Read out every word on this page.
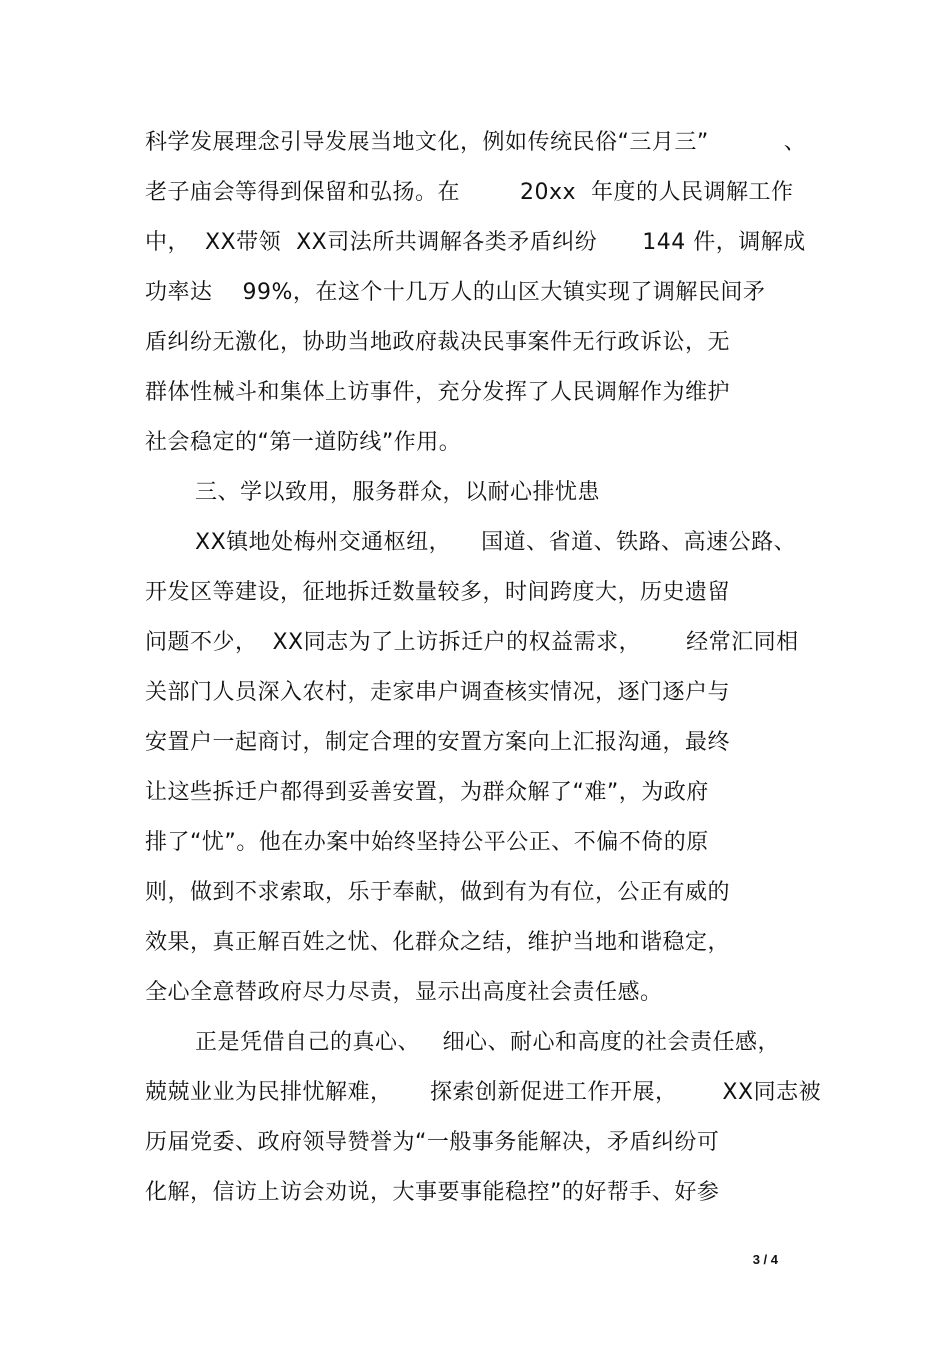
科学发展理念引导发展当地文化，例如传统民俗“三月三”          、
老子庙会等得到保留和弘扬。在        20xx  年度的人民调解工作
中，  XX带领  XX司法所共调解各类矛盾纠纷      144 件，调解成
功率达    99%，在这个十几万人的山区大镇实现了调解民间矛
盾纠纷无激化，协助当地政府裁决民事案件无行政诉讼，无
群体性械斗和集体上访事件，充分发挥了人民调解作为维护
社会稳定的“第一道防线”作用。
三、学以致用，服务群众，以耐心排忧患
XX镇地处梅州交通枢纽，    国道、省道、铁路、高速公路、
开发区等建设，征地拆迁数量较多，时间跨度大，历史遗留
问题不少，  XX同志为了上访拆迁户的权益需求，      经常汇同相
关部门人员深入农村，走家串户调查核实情况，逐门逐户与
安置户一起商讨，制定合理的安置方案向上汇报沟通，最终
让这些拆迁户都得到妥善安置，为群众解了“难”，为政府
排了“忧”。他在办案中始终坚持公平公正、不偏不倚的原
则，做到不求索取，乐于奉献，做到有为有位，公正有威的
效果，真正解百姓之忧、化群众之结，维护当地和谐稳定，
全心全意替政府尽力尽责，显示出高度社会责任感。
正是凭借自己的真心、   细心、耐心和高度的社会责任感，
兢兢业业为民排忧解难，     探索创新促进工作开展，      XX同志被
历届党委、政府领导赞誉为“一般事务能解决，矛盾纠纷可
化解，信访上访会劝说，大事要事能稳控”的好帮手、好参
3 / 4
